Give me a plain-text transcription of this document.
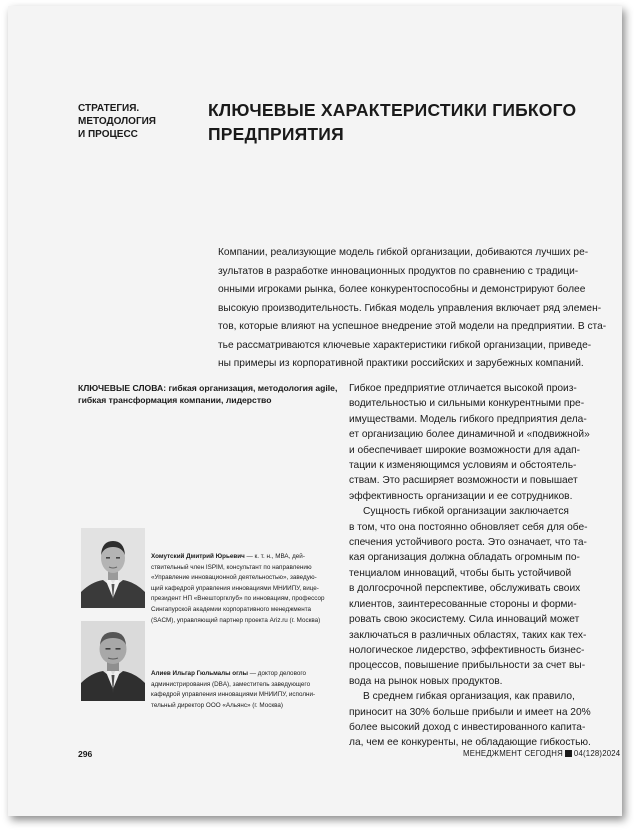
СТРАТЕГИЯ.
МЕТОДОЛОГИЯ
И ПРОЦЕСС
КЛЮЧЕВЫЕ ХАРАКТЕРИСТИКИ ГИБКОГО
ПРЕДПРИЯТИЯ
Компании, реализующие модель гибкой организации, добиваются лучших ре-
зультатов в разработке инновационных продуктов по сравнению с традици-
онными игроками рынка, более конкурентоспособны и демонстрируют более
высокую производительность. Гибкая модель управления включает ряд элемен-
тов, которые влияют на успешное внедрение этой модели на предприятии. В ста-
тье рассматриваются ключевые характеристики гибкой организации, приведе-
ны примеры из корпоративной практики российских и зарубежных компаний.
КЛЮЧЕВЫЕ СЛОВА: гибкая организация, методология agile,
гибкая трансформация компании, лидерство
Гибкое предприятие отличается высокой произ-
водительностью и сильными конкурентными пре-
имуществами. Модель гибкого предприятия дела-
ет организацию более динамичной и «подвижной»
и обеспечивает широкие возможности для адап-
тации к изменяющимся условиям и обстоятель-
ствам. Это расширяет возможности и повышает
эффективность организации и ее сотрудников.
Сущность гибкой организации заключается
в том, что она постоянно обновляет себя для обе-
спечения устойчивого роста. Это означает, что та-
кая организация должна обладать огромным по-
тенциалом инноваций, чтобы быть устойчивой
в долгосрочной перспективе, обслуживать своих
клиентов, заинтересованные стороны и форми-
ровать свою экосистему. Сила инноваций может
заключаться в различных областях, таких как тех-
нологическое лидерство, эффективность бизнес-
процессов, повышение прибыльности за счет вы-
вода на рынок новых продуктов.
В среднем гибкая организация, как правило,
приносит на 30% больше прибыли и имеет на 20%
более высокий доход с инвестированного капита-
ла, чем ее конкуренты, не обладающие гибкостью.
Хомутский Дмитрий Юрьевич — к. т. н., МВА, дей-
ствительный член ISPIM, консультант по направлению
«Управление инновационной деятельностью», заведую-
щий кафедрой управления инновациями МНИИПУ, вице-
президент НП «Внешторгклуб» по инновациям, профессор
Сингапурской академии корпоративного менеджмента
(SACM), управляющий партнер проекта Ariz.ru (г. Москва)
Алиев Ильгар Гюльмалы оглы — доктор делового
администрирования (DBA), заместитель заведующего
кафедрой управления инновациями МНИИПУ, исполни-
тельный директор ООО «Альянс» (г. Москва)
296	МЕНЕДЖМЕНТ СЕГОДНЯ 04(128)2024
